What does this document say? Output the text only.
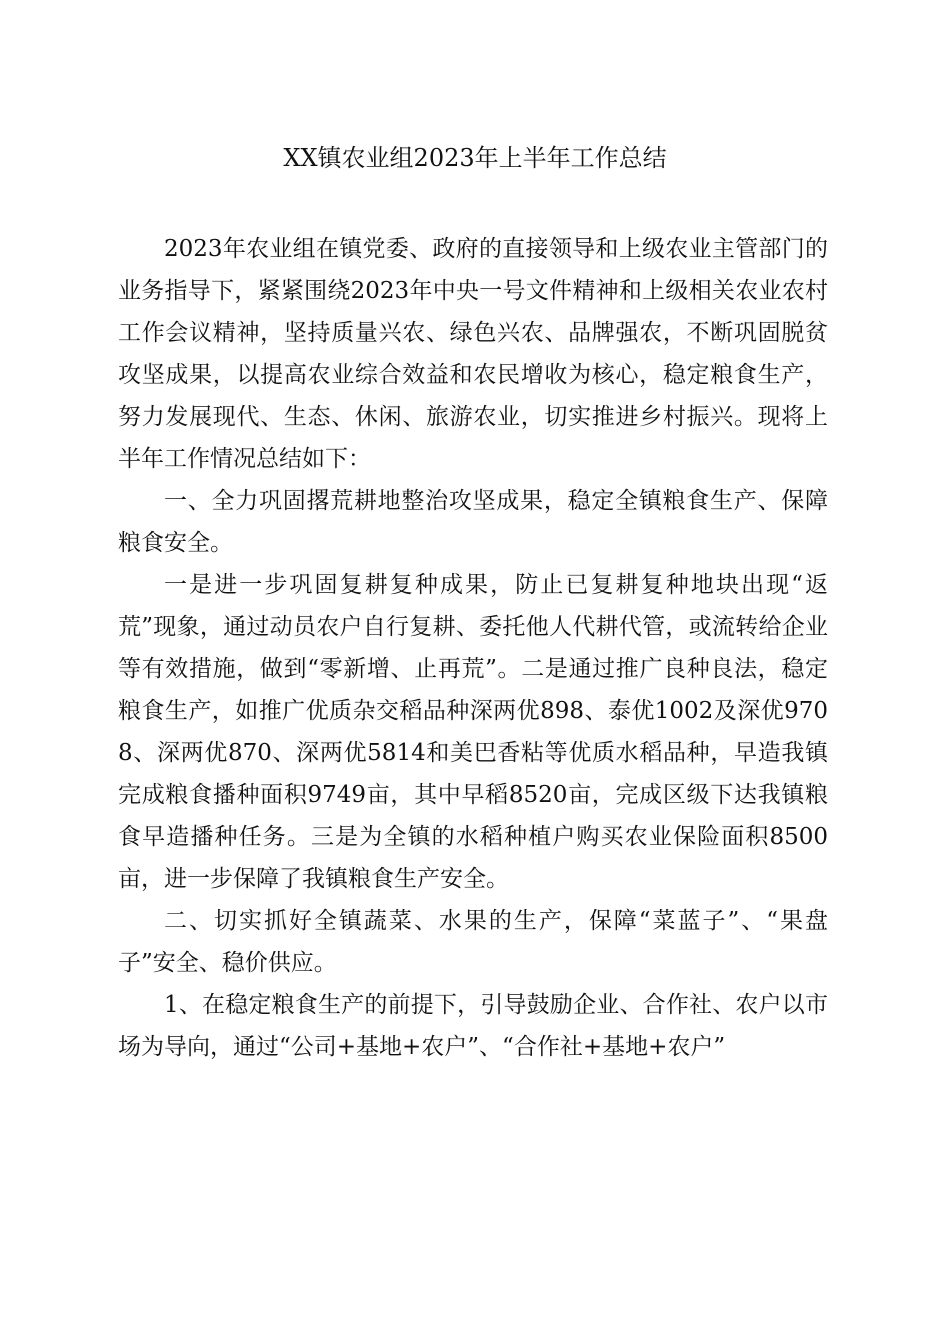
XX镇农业组2023年上半年工作总结

2023年农业组在镇党委、政府的直接领导和上级农业主管部门的业务指导下，紧紧围绕2023年中央一号文件精神和上级相关农业农村工作会议精神，坚持质量兴农、绿色兴农、品牌强农，不断巩固脱贫攻坚成果，以提高农业综合效益和农民增收为核心，稳定粮食生产，努力发展现代、生态、休闲、旅游农业，切实推进乡村振兴。现将上半年工作情况总结如下：

一、全力巩固撂荒耕地整治攻坚成果，稳定全镇粮食生产、保障粮食安全。

一是进一步巩固复耕复种成果，防止已复耕复种地块出现“返荒”现象，通过动员农户自行复耕、委托他人代耕代管，或流转给企业等有效措施，做到“零新增、止再荒”。二是通过推广良种良法，稳定粮食生产，如推广优质杂交稻品种深两优898、泰优1002及深优9708、深两优870、深两优5814和美巴香粘等优质水稻品种，早造我镇完成粮食播种面积9749亩，其中早稻8520亩，完成区级下达我镇粮食早造播种任务。三是为全镇的水稻种植户购买农业保险面积8500亩，进一步保障了我镇粮食生产安全。

二、切实抓好全镇蔬菜、水果的生产，保障“菜蓝子”、“果盘子”安全、稳价供应。

1、在稳定粮食生产的前提下，引导鼓励企业、合作社、农户以市场为导向，通过“公司+基地+农户”、“合作社+基地+农户”
